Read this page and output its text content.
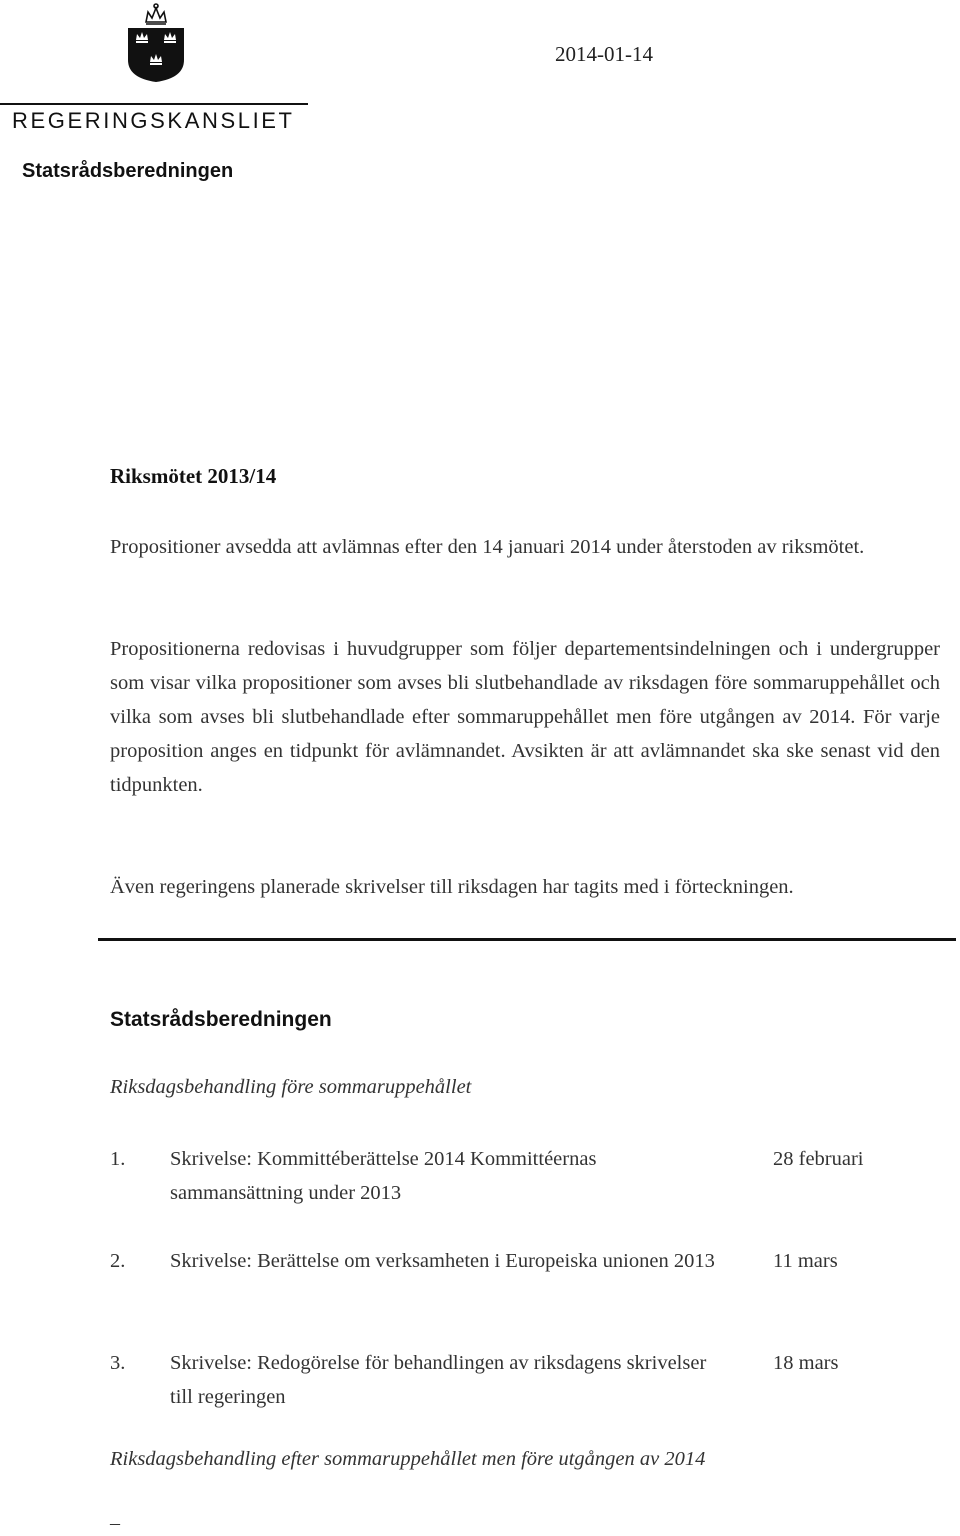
REGERINGSKANSLIET
2014-01-14
Statsrådsberedningen
Riksmötet 2013/14
Propositioner avsedda att avlämnas efter den 14 januari 2014 under återstoden av riksmötet.
Propositionerna redovisas i huvudgrupper som följer departementsindelningen och i undergrupper som visar vilka propositioner som avses bli slutbehandlade av riksdagen före sommaruppehållet och vilka som avses bli slutbehandlade efter sommaruppehållet men före utgången av 2014. För varje proposition anges en tidpunkt för avlämnandet. Avsikten är att avlämnandet ska ske senast vid den tidpunkten.
Även regeringens planerade skrivelser till riksdagen har tagits med i förteckningen.
Statsrådsberedningen
Riksdagsbehandling före sommaruppehållet
1. Skrivelse: Kommittéberättelse 2014 Kommittéernas sammansättning under 2013
28 februari
2. Skrivelse: Berättelse om verksamheten i Europeiska unionen 2013	11 mars
3. Skrivelse: Redogörelse för behandlingen av riksdagens skrivelser till regeringen
18 mars
Riksdagsbehandling efter sommaruppehållet men före utgången av 2014
–
